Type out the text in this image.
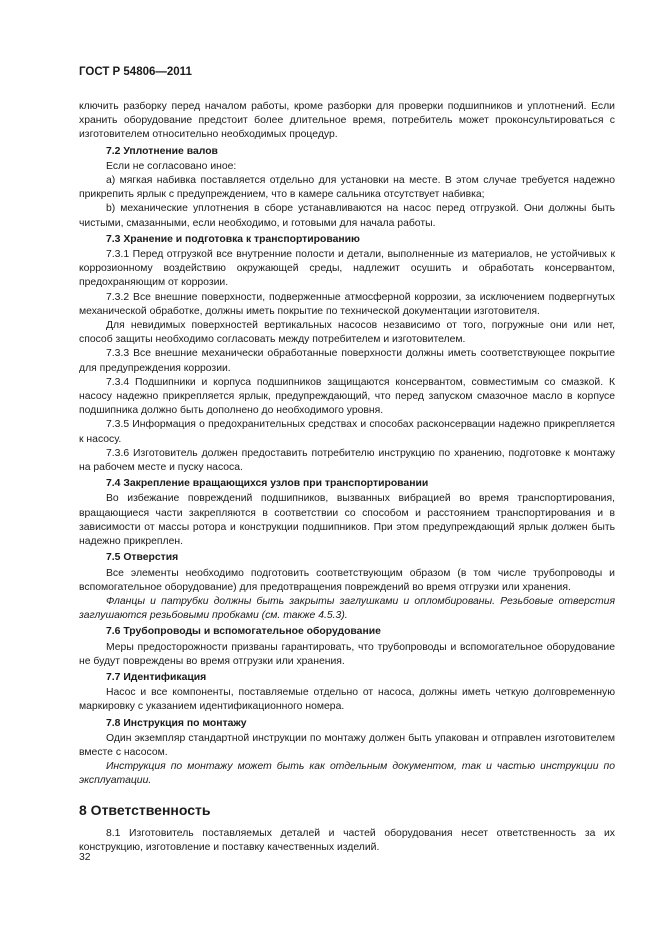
ГОСТ Р 54806—2011

ключить разборку перед началом работы, кроме разборки для проверки подшипников и уплотнений. Если хранить оборудование предстоит более длительное время, потребитель может проконсультироваться с изготовителем относительно необходимых процедур.

7.2 Уплотнение валов

Если не согласовано иное:

а) мягкая набивка поставляется отдельно для установки на месте. В этом случае требуется надежно прикрепить ярлык с предупреждением, что в камере сальника отсутствует набивка;

b) механические уплотнения в сборе устанавливаются на насос перед отгрузкой. Они должны быть чистыми, смазанными, если необходимо, и готовыми для начала работы.

7.3 Хранение и подготовка к транспортированию

7.3.1 Перед отгрузкой все внутренние полости и детали, выполненные из материалов, не устойчивых к коррозионному воздействию окружающей среды, надлежит осушить и обработать консервантом, предохраняющим от коррозии.

7.3.2 Все внешние поверхности, подверженные атмосферной коррозии, за исключением подвергнутых механической обработке, должны иметь покрытие по технической документации изготовителя.

Для невидимых поверхностей вертикальных насосов независимо от того, погружные они или нет, способ защиты необходимо согласовать между потребителем и изготовителем.

7.3.3 Все внешние механически обработанные поверхности должны иметь соответствующее покрытие для предупреждения коррозии.

7.3.4 Подшипники и корпуса подшипников защищаются консервантом, совместимым со смазкой. К насосу надежно прикрепляется ярлык, предупреждающий, что перед запуском смазочное масло в корпусе подшипника должно быть дополнено до необходимого уровня.

7.3.5 Информация о предохранительных средствах и способах расконсервации надежно прикрепляется к насосу.

7.3.6 Изготовитель должен предоставить потребителю инструкцию по хранению, подготовке к монтажу на рабочем месте и пуску насоса.

7.4 Закрепление вращающихся узлов при транспортировании

Во избежание повреждений подшипников, вызванных вибрацией во время транспортирования, вращающиеся части закрепляются в соответствии со способом и расстоянием транспортирования и в зависимости от массы ротора и конструкции подшипников. При этом предупреждающий ярлык должен быть надежно прикреплен.

7.5 Отверстия

Все элементы необходимо подготовить соответствующим образом (в том числе трубопроводы и вспомогательное оборудование) для предотвращения повреждений во время отгрузки или хранения.

Фланцы и патрубки должны быть закрыты заглушками и опломбированы. Резьбовые отверстия заглушаются резьбовыми пробками (см. также 4.5.3).

7.6 Трубопроводы и вспомогательное оборудование

Меры предосторожности призваны гарантировать, что трубопроводы и вспомогательное оборудование не будут повреждены во время отгрузки или хранения.

7.7 Идентификация

Насос и все компоненты, поставляемые отдельно от насоса, должны иметь четкую долговременную маркировку с указанием идентификационного номера.

7.8 Инструкция по монтажу

Один экземпляр стандартной инструкции по монтажу должен быть упакован и отправлен изготовителем вместе с насосом.

Инструкция по монтажу может быть как отдельным документом, так и частью инструкции по эксплуатации.

8 Ответственность

8.1 Изготовитель поставляемых деталей и частей оборудования несет ответственность за их конструкцию, изготовление и поставку качественных изделий.

32
